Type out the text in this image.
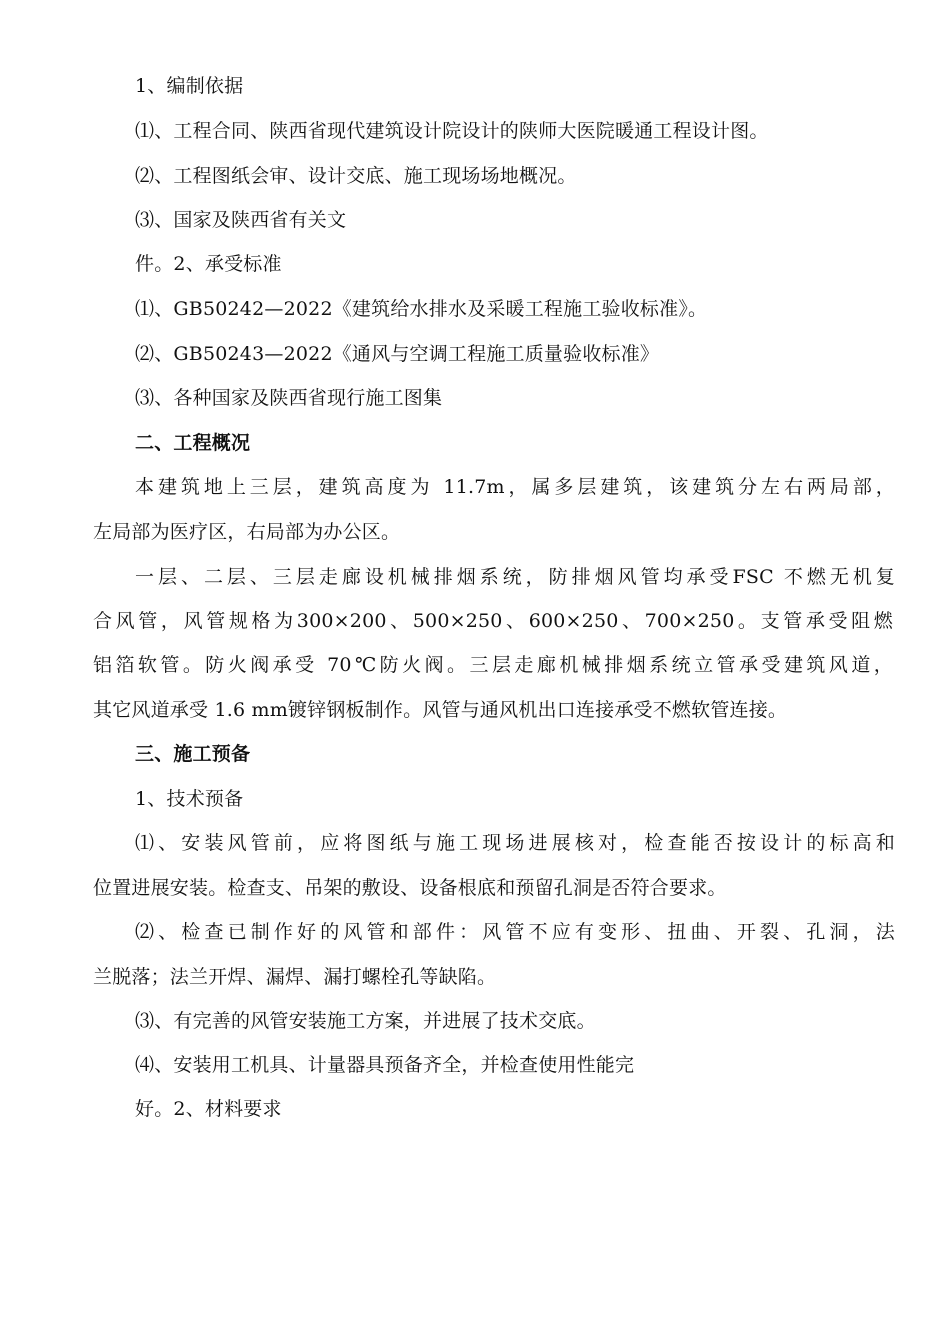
1、编制依据
⑴、工程合同、陕西省现代建筑设计院设计的陕师大医院暖通工程设计图。
⑵、工程图纸会审、设计交底、施工现场场地概况。
⑶、国家及陕西省有关文
件。2、承受标准
⑴、GB50242—2022《建筑给水排水及采暖工程施工验收标准》。
⑵、GB50243—2022《通风与空调工程施工质量验收标准》
⑶、各种国家及陕西省现行施工图集
二、工程概况
本建筑地上三层，建筑高度为 11.7m，属多层建筑，该建筑分左右两局部，
左局部为医疗区，右局部为办公区。
一层、二层、三层走廊设机械排烟系统，防排烟风管均承受FSC 不燃无机复
合风管，风管规格为300×200、500×250、600×250、700×250。支管承受阻燃
铝箔软管。防火阀承受 70℃防火阀。三层走廊机械排烟系统立管承受建筑风道，
其它风道承受 1.6 mm镀锌钢板制作。风管与通风机出口连接承受不燃软管连接。
三、施工预备
1、技术预备
⑴、安装风管前，应将图纸与施工现场进展核对，检查能否按设计的标高和
位置进展安装。检查支、吊架的敷设、设备根底和预留孔洞是否符合要求。
⑵、检查已制作好的风管和部件：风管不应有变形、扭曲、开裂、孔洞，法
兰脱落；法兰开焊、漏焊、漏打螺栓孔等缺陷。
⑶、有完善的风管安装施工方案，并进展了技术交底。
⑷、安装用工机具、计量器具预备齐全，并检查使用性能完
好。2、材料要求
